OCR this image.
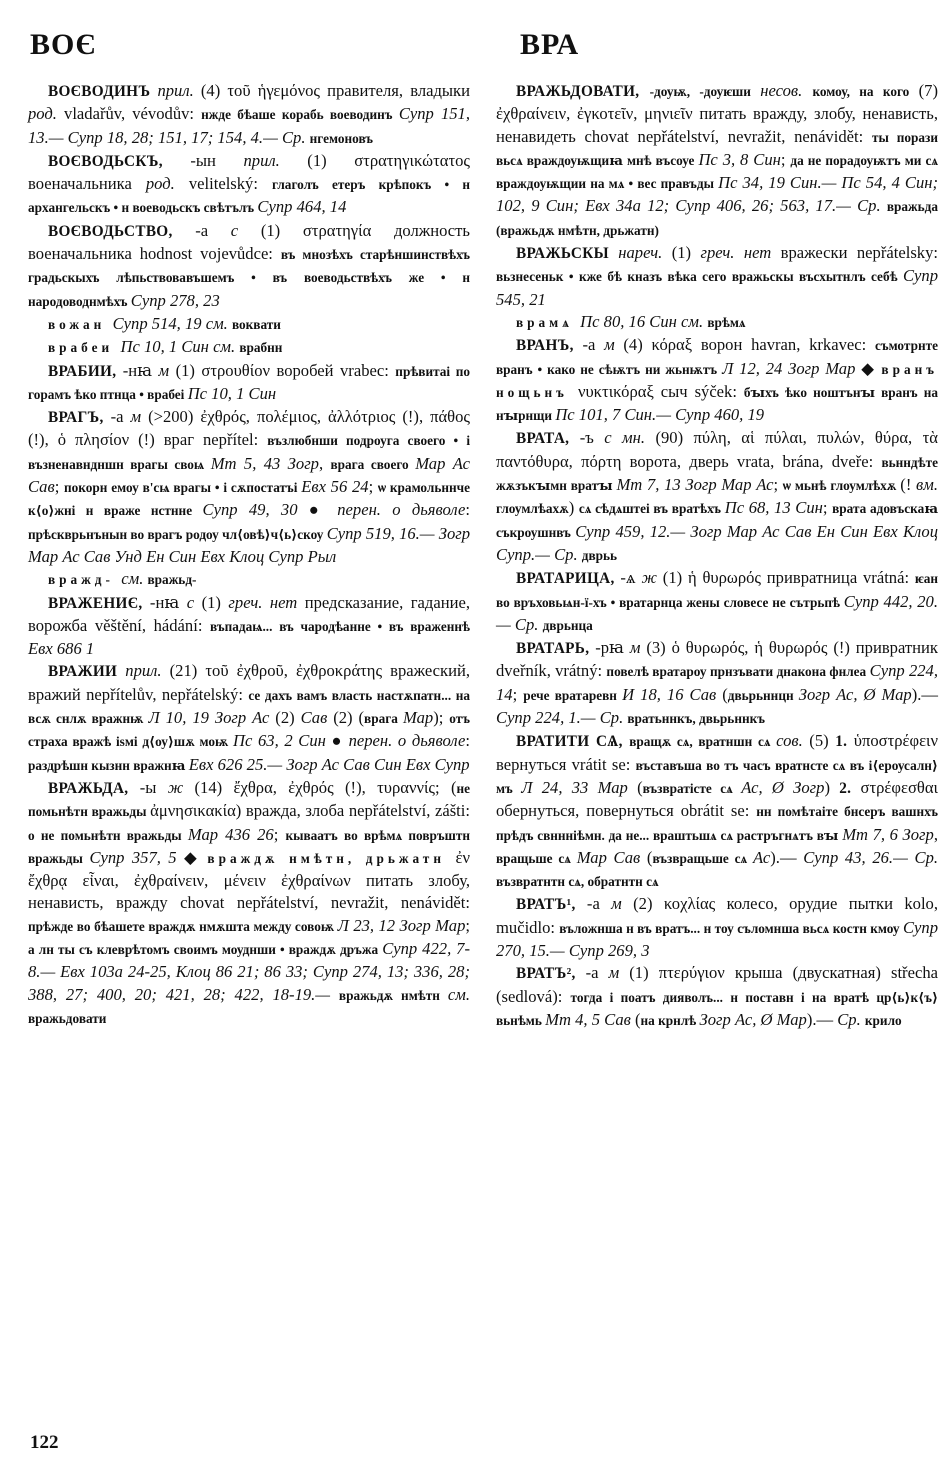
ВОЄ	ВРА

ВОЄВОДИНЪ прил. (4) τοῦ ἡγεμόνος правителя, владыки род. vladařův, vévodův: нжде бѣаше корабь воеводинъ Супр 151, 13.— Супр 18, 28; 151, 17; 154, 4.— Ср. нгемоновъ

ВОЄВОДЬСКЪ, -ын прил. (1) στρατηγικώτατος военачальника род. velitelský: глаголъ етеръ крѣпокъ • н архангельскъ • н воеводьскъ свѣтълъ Супр 464, 14

ВОЄВОДЬСТВО, -а с (1) στρατηγία должность военачальника hodnost vojevůdce: въ мнозѣхъ старѣншинствѣхъ градьскыхъ лѣпьствовавъшемъ • въ воеводьствѣхъ же • н народоводнмѣхъ Супр 278, 23

вожан Супр 514, 19 см. воквати

врабеи Пс 10, 1 Син см. врабнн

ВРАБИИ, -нꙗ м (1) στρουθίον воробей vrabec: прѣвитаі по горамъ ѣко птнца • врабеі Пс 10, 1 Син

ВРАГЪ, -а м (>200) ἐχθρός, πολέμιος, ἀλλότριος (!), πάθος (!), ὁ πλησίον (!) враг nepřítel: възлюбнши подроуга своего • і възненавндншн врагы своѩ Мт 5, 43 Зогр, врага своего Мар Ас Сав; покорн емоу в'сѩ врагы • і сѫпостатъі Евх 56 24; ѡ крамольннче к⟨о⟩жні н враже нстнне Супр 49, 30 ● перен. о дьяволе: прѣскврьнънын во врагъ родоу чл⟨овѣ⟩ч⟨ь⟩скоу Супр 519, 16.— Зогр Мар Ас Сав Унд Ен Син Евх Клоц Супр Рыл

вражд- см. вражьд-

ВРАЖЕНИЄ, -нꙗ с (1) греч. нет предсказание, гадание, ворожба věštění, hádání: въпадаѩ... въ чародѣанне • въ враженнѣ Евх 686 1

ВРАЖИИ прил. (21) τοῦ ἐχθροῦ, ἐχθροκράτης вражеский, вражий nepřítelův, nepřátelský: се дахъ вамъ власть настѫпатн... на всѫ снлѫ вражнѭ Л 10, 19 Зогр Ас (2) Сав (2) (врага Мар); отъ страха вражѣ іѕмі д⟨оу⟩шѫ моѭ Пс 63, 2 Син ● перен. о дьяволе: раздрѣшн кызнн вражнꙗ Евх 626 25.— Зогр Ас Сав Син Евх Супр

ВРАЖЬДА, -ы ж (14) ἔχθρα, ἐχθρός (!), τυραννίς; (не помьнѣтн вражьды ἀμνησικακία) вражда, злоба nepřátelství, zášti: о не помьнѣтн вражьды Мар 436 26; кываатъ во врѣмѧ повръштн вражьды Супр 357, 5 ◆ враждѫ нмѣтн, дрьжатн ἐν ἔχθρᾳ εἶναι, ἐχθραίνειν, μένειν ἐχθραίνων питать злобу, ненависть, вражду chovat nepřátelství, nevražit, nenávidět: прѣжде во бѣашете враждѫ нмѫшта между совоѭ Л 23, 12 Зогр Мар; а лн ты съ клеврѣтомъ своимъ моуднши • враждѫ дръжа Супр 422, 7-8.— Евх 103а 24-25, Клоц 86 21; 86 33; Супр 274, 13; 336, 28; 388, 27; 400, 20; 421, 28; 422, 18-19.— вражьдѫ нмѣтн см. вражьдовати

ВРАЖЬДОВАТИ, -доуѭ, -доуѥши несов. комоу, на кого (7) ἐχθραίνειν, ἐγκοτεῖν, μηνιεῖν питать вражду, злобу, ненависть, ненавидеть chovat nepřátelství, nevražit, nenávidět: ты порази вьсѧ враждоуѭщиꙗ мнѣ въсоуе Пс 3, 8 Син; да не порадоуѭтъ ми сѧ враждоуѭщии на мѧ • вес правъды Пс 34, 19 Син.— Пс 54, 4 Син; 102, 9 Син; Евх 34а 12; Супр 406, 26; 563, 17.— Ср. вражьда (вражьдѫ нмѣтн, дрьжатн)

ВРАЖЬСКЫ нареч. (1) греч. нет вражески nepřátelsky: вьзнесеньк • кже бѣ кназъ вѣка сего вражьскы въсхытнлъ себѣ Супр 545, 21

врамѧ Пс 80, 16 Син см. врѣмѧ

ВРАНЪ, -а м (4) κόραξ ворон havran, krkavec: съмотрнте вранъ • како не сѣѭтъ ни жьнѭтъ Л 12, 24 Зогр Мар ◆ вранъ нощьнъ νυκτικόραξ сыч sýček: бꙑхъ ѣко ноштънꙑ вранъ на нꙑрнщи Пс 101, 7 Син.— Супр 460, 19

ВРАТА, -ъ с мн. (90) πύλη, αἱ πύλαι, πυλών, θύρα, τὰ παντόθυρα, πόρτη ворота, дверь vrata, brána, dveře: вьнндѣте жѫзъкꙑмн вратꙑ Мт 7, 13 Зогр Мар Ас; ѡ мьнѣ глоумлѣхѫ (! вм. глоумлѣахѫ) сѧ сѣдѧштеі въ вратѣхъ Пс 68, 13 Син; врата адовъскаꙗ съкроушнвъ Супр 459, 12.— Зогр Мар Ас Сав Ен Син Евх Клоц Супр.— Ср. дврьь

ВРАТАРИЦА, -ѧ ж (1) ἡ θυρωρός привратница vrátná: ѥан во връховьѩн-ї-хъ • вратарнца жены словесе не сътрьпѣ Супр 442, 20.— Ср. дврьнца

ВРАТАРЬ, -рꙗ м (3) ὁ θυρωρός, ἡ θυρωρός (!) привратник dveřník, vrátný: повелѣ вратароу прнзъвати днакона фнлеа Супр 224, 14; рече вратаревн И 18, 16 Сав (двьрьннцн Зогр Ас, Ø Мар).— Супр 224, 1.— Ср. вратьннкъ, двьрьннкъ

ВРАТИТИ СѦ, вращѫ сѧ, вратншн сѧ сов. (5) 1. ὑποστρέφειν вернуться vrátit se: въставъша во тъ часъ вратнсте сѧ въ і⟨ероусалн⟩мъ Л 24, 33 Мар (възвратісте сѧ Ас, Ø Зогр) 2. στρέφεσθαι обернуться, повернуться obrátit se: нн помѣтаіте бнсеръ вашнхъ прѣдъ свннніѣмн. да не... враштьшѧ сѧ растръгнѧтъ вꙑ Мт 7, 6 Зогр, вращьше сѧ Мар Сав (възвращьше сѧ Ас).— Супр 43, 26.— Ср. възвратнтн сѧ, обратнтн сѧ

ВРАТЪ¹, -а м (2) κοχλίας колесо, орудие пытки kolo, mučidlo: въложнша н въ вратъ... н тоу съломнша вьсѧ костн кмоу Супр 270, 15.— Супр 269, 3

ВРАТЪ², -а м (1) πτερύγιον крыша (двускатная) střecha (sedlová): тогда і поатъ дияволъ... н поставн і на вратѣ цр⟨ь⟩к⟨ъ⟩вьнѣмь Мт 4, 5 Сав (на крнлѣ Зогр Ас, Ø Мар).— Ср. крило

122
